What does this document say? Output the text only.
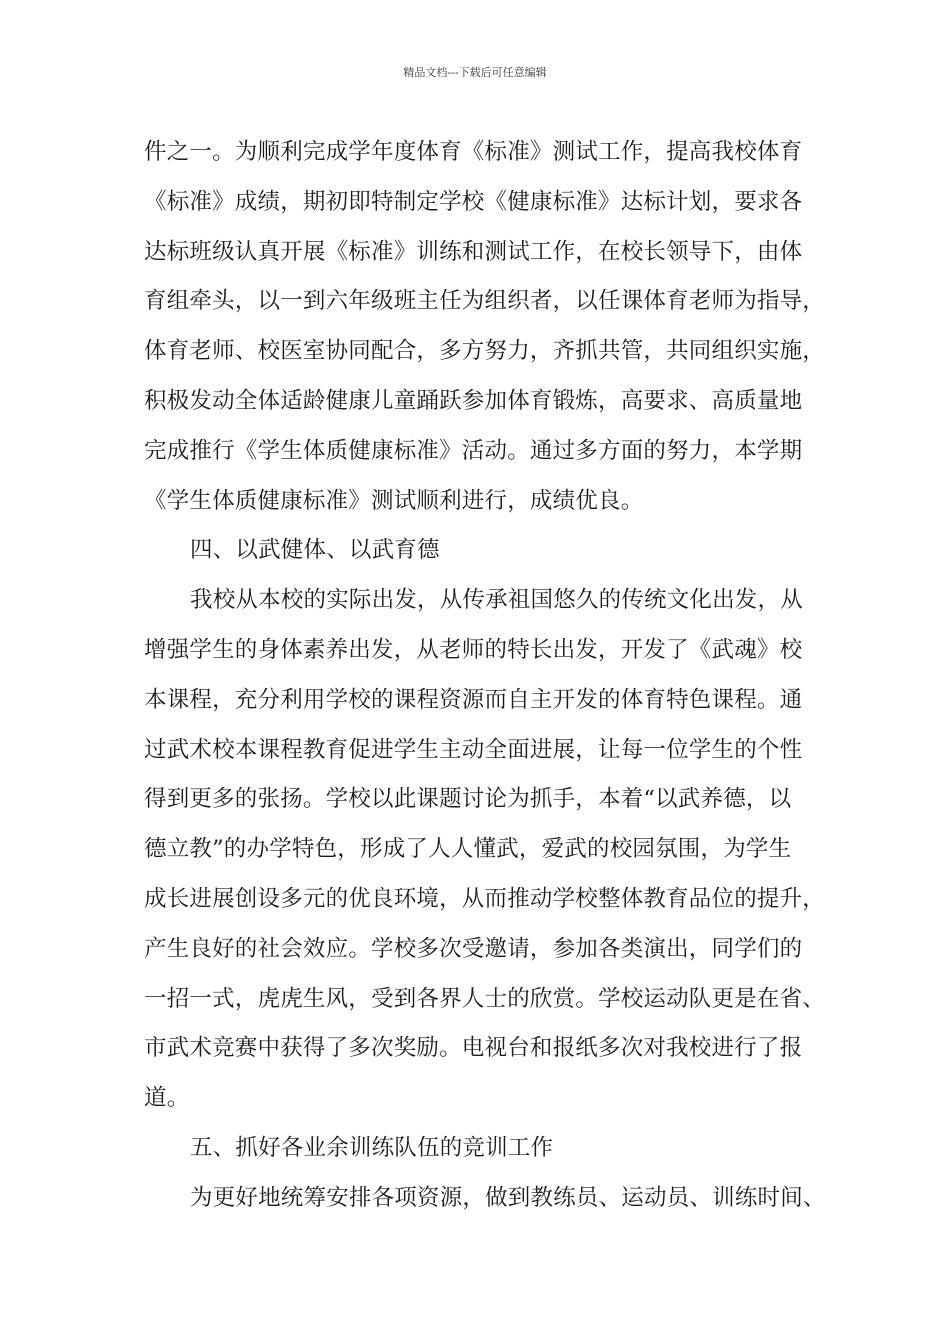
精品文档---下载后可任意编辑
件之一。为顺利完成学年度体育《标准》测试工作，提高我校体育
《标准》成绩，期初即特制定学校《健康标准》达标计划，要求各
达标班级认真开展《标准》训练和测试工作，在校长领导下，由体
育组牵头，以一到六年级班主任为组织者，以任课体育老师为指导，
体育老师、校医室协同配合，多方努力，齐抓共管，共同组织实施，
积极发动全体适龄健康儿童踊跃参加体育锻炼，高要求、高质量地
完成推行《学生体质健康标准》活动。通过多方面的努力，本学期
《学生体质健康标准》测试顺利进行，成绩优良。
四、以武健体、以武育德
我校从本校的实际出发，从传承祖国悠久的传统文化出发，从
增强学生的身体素养出发，从老师的特长出发，开发了《武魂》校
本课程，充分利用学校的课程资源而自主开发的体育特色课程。通
过武术校本课程教育促进学生主动全面进展，让每一位学生的个性
得到更多的张扬。学校以此课题讨论为抓手，本着“以武养德，以
德立教”的办学特色，形成了人人懂武，爱武的校园氛围，为学生
成长进展创设多元的优良环境，从而推动学校整体教育品位的提升，
产生良好的社会效应。学校多次受邀请，参加各类演出，同学们的
一招一式，虎虎生风，受到各界人士的欣赏。学校运动队更是在省、
市武术竞赛中获得了多次奖励。电视台和报纸多次对我校进行了报
道。
五、抓好各业余训练队伍的竞训工作
为更好地统筹安排各项资源，做到教练员、运动员、训练时间、
